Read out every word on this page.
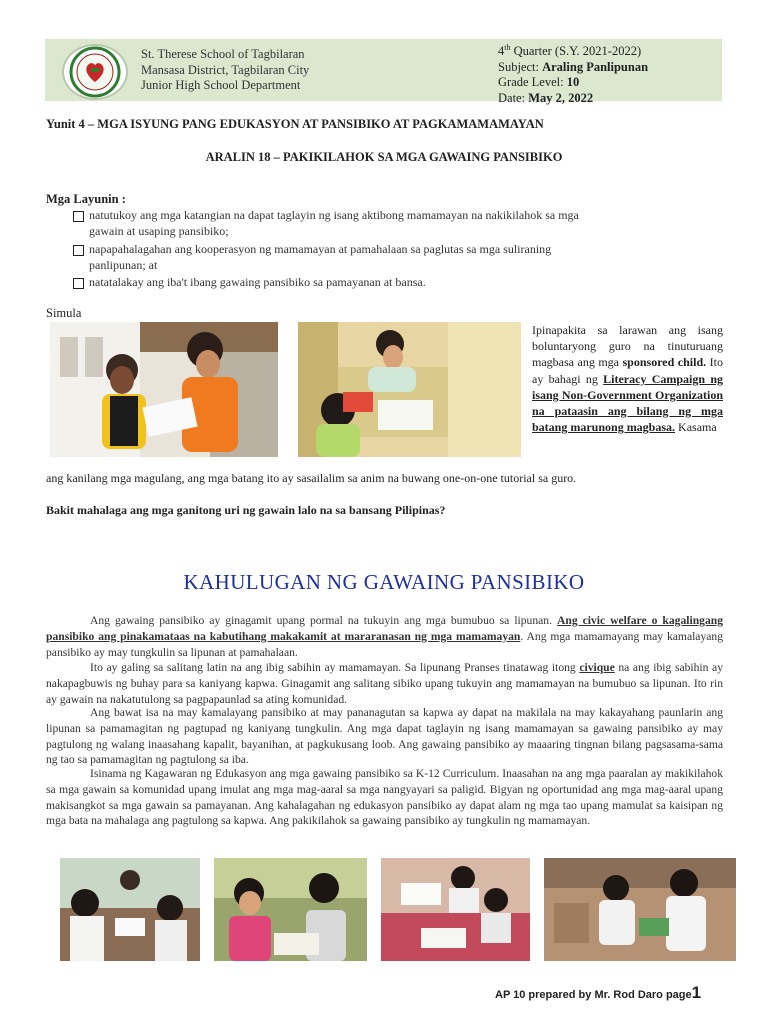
St. Therese School of Tagbilaran
Mansasa District, Tagbilaran City
Junior High School Department
4th Quarter (S.Y. 2021-2022)
Subject: Araling Panlipunan
Grade Level: 10
Date: May 2, 2022
Yunit 4 – MGA ISYUNG PANG EDUKASYON AT PANSIBIKO AT PAGKAMAMAMAYAN
ARALIN 18 – PAKIKILAHOK SA MGA GAWAING PANSIBIKO
Mga Layunin :
natutukoy ang mga katangian na dapat taglayin ng isang aktibong mamamayan na nakikilahok sa mga
gawain at usaping pansibiko;
napapahalagahan ang kooperasyon ng mamamayan at pamahalaan sa paglutas sa mga suliraning
panlipunan; at
natatalakay ang iba't ibang gawaing pansibiko sa pamayanan at bansa.
Simula
Ipinapakita sa larawan ang isang boluntaryong guro na tinuturuang magbasa ang mga sponsored child. Ito ay bahagi ng Literacy Campaign ng isang Non-Government Organization na pataasin ang bilang ng mga batang marunong magbasa. Kasama
ang kanilang mga magulang, ang mga batang ito ay sasailalim sa anim na buwang one-on-one tutorial sa guro.
Bakit mahalaga ang mga ganitong uri ng gawain lalo na sa bansang Pilipinas?
KAHULUGAN NG GAWAING PANSIBIKO
Ang gawaing pansibiko ay ginagamit upang pormal na tukuyin ang mga bumubuo sa lipunan. Ang civic welfare o kagalingang pansibiko ang pinakamataas na kabutihang makakamit at mararanasan ng mga mamamayan. Ang mga mamamayang may kamalayang pansibiko ay may tungkulin sa lipunan at pamahalaan.
Ito ay galing sa salitang latin na ang ibig sabihin ay mamamayan. Sa lipunang Pranses tinatawag itong civique na ang ibig sabihin ay nakapagbuwis ng buhay para sa kaniyang kapwa. Ginagamit ang salitang sibiko upang tukuyin ang mamamayan na bumubuo sa lipunan. Ito rin ay gawain na nakatutulong sa pagpapaunlad sa ating komunidad.
Ang bawat isa na may kamalayang pansibiko at may pananagutan sa kapwa ay dapat na makilala na may kakayahang paunlarin ang lipunan sa pamamagitan ng pagtupad ng kaniyang tungkulin. Ang mga dapat taglayin ng isang mamamayan sa gawaing pansibiko ay may pagtulong ng walang inaasahang kapalit, bayanihan, at pagkukusang loob. Ang gawaing pansibiko ay maaaring tingnan bilang pagsasama-sama ng tao sa pamamagitan ng pagtulong sa iba.
Isinama ng Kagawaran ng Edukasyon ang mga gawaing pansibiko sa K-12 Curriculum. Inaasahan na ang mga paaralan ay makikilahok sa mga gawain sa komunidad upang imulat ang mga mag-aaral sa mga nangyayari sa paligid. Bigyan ng oportunidad ang mga mag-aaral upang makisangkot sa mga gawain sa pamayanan. Ang kahalagahan ng edukasyon pansibiko ay dapat alam ng mga tao upang mamulat sa kaisipan ng mga bata na mahalaga ang pagtulong sa kapwa. Ang pakikilahok sa gawaing pansibiko ay tungkulin ng mamamayan.
AP 10 prepared by Mr. Rod Daro page1
